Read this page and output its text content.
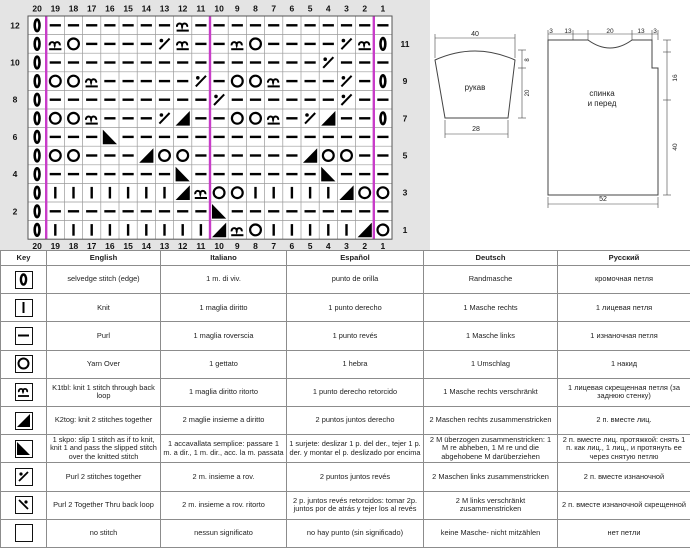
20 19 18 17 16 15 14 13 12 11 10 9 8 7 6 5 4 3 2 1
20 19 18 17 16 15 14 13 12 11 10 9 8 7 6 5 4 3 2 1
12
10
8
6
4
2
11
9
7
5
3
1
рукав
40
28
8
20	спинка
и перед
3 13	20	13 3
52
16
40
Key	English	Italiano	Español	Deutsch	Русский

	selvedge stitch (edge)	1 m. di viv.	punto de orilla	Randmasche	кромочная петля

	Knit	1 maglia diritto	1 punto derecho	1 Masche rechts	1 лицевая петля

	Purl	1 maglia roverscia	1 punto revés	1 Masche links	1 изнаночная петля

	Yarn Over	1 gettato	1 hebra	1 Umschlag	1 накид

	K1tbl: knit 1 stitch through back loop	1 maglia diritto ritorto	1 punto derecho retorcido	1 Masche rechts verschränkt	1 лицевая скрещенная петля (за заднюю стенку)

	K2tog: knit 2 stitches together	2 maglie insieme a diritto	2 puntos juntos derecho	2 Maschen rechts zusammenstricken	2 п. вместе лиц.

	1 skpo: slip 1 stitch as if to knit, knit 1 and pass the slipped stitch over the knitted stitch	1 accavallata semplice: passare 1 m. a dir., 1 m. dir., acc. la m. passata	1 surjete: deslizar 1 p. del der., tejer 1 p. der. y montar el p. deslizado por encima	2 M überzogen zusammenstricken: 1 M re abheben, 1 M re und die abgehobene M darüberziehen	2 п. вместе лиц. протяжкой: снять 1 п. как лиц., 1 лиц., и протянуть ее через снятую петлю

	Purl 2 stitches together	2 m. insieme a rov.	2 puntos juntos revés	2 Maschen links zusammenstricken	2 п. вместе изнаночной

	Purl 2 Together Thru back loop	2 m. insieme a rov. ritorto	2 p. juntos revés retorcidos: tomar 2p. juntos por de atrás y tejer los al revés	2 M links verschränkt zusammenstricken	2 п. вместе изнаночной скрещенной

	no stitch	nessun significato	no hay punto (sin significado)	keine Masche- nicht mitzählen	нет петли
